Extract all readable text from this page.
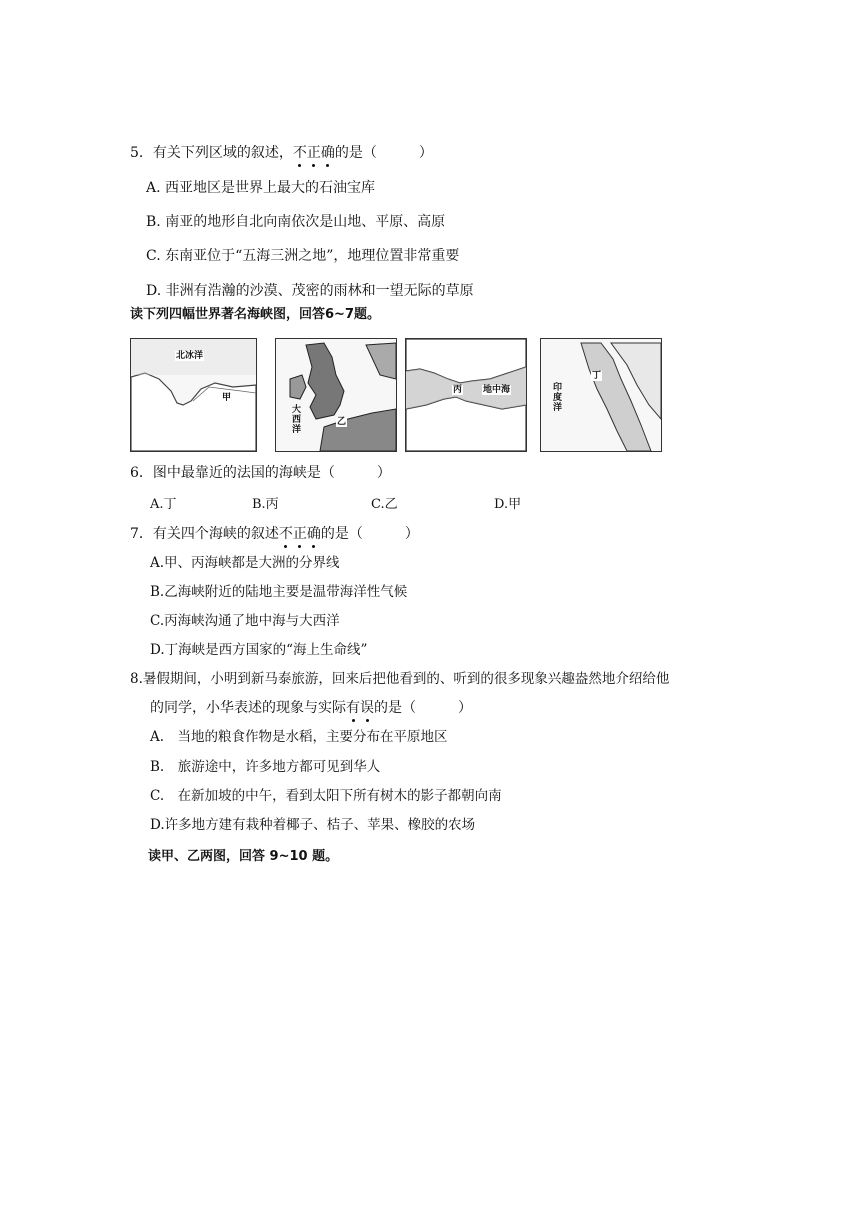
5．有关下列区域的叙述，不正确的是（　　　）
A. 西亚地区是世界上最大的石油宝库
B. 南亚的地形自北向南依次是山地、平原、高原
C. 东南亚位于“五海三洲之地”，地理位置非常重要
D. 非洲有浩瀚的沙漠、茂密的雨林和一望无际的草原
读下列四幅世界著名海峡图，回答6~7题。
北冰洋
甲
大西洋
乙
丙 地中海
丁
印度洋
6．图中最靠近的法国的海峡是（　　　）
A.丁	B.丙	C.乙	D.甲
7．有关四个海峡的叙述不正确的是（　　　）
A.甲、丙海峡都是大洲的分界线
B.乙海峡附近的陆地主要是温带海洋性气候
C.丙海峡沟通了地中海与大西洋
D.丁海峡是西方国家的“海上生命线”
8.暑假期间，小明到新马泰旅游，回来后把他看到的、听到的很多现象兴趣盎然地介绍给他
的同学，小华表述的现象与实际有误的是（　　　）
A.　当地的粮食作物是水稻，主要分布在平原地区
B.　旅游途中，许多地方都可见到华人
C.　在新加坡的中午，看到太阳下所有树木的影子都朝向南
D.许多地方建有栽种着椰子、桔子、苹果、橡胶的农场
读甲、乙两图，回答 9~10 题。
